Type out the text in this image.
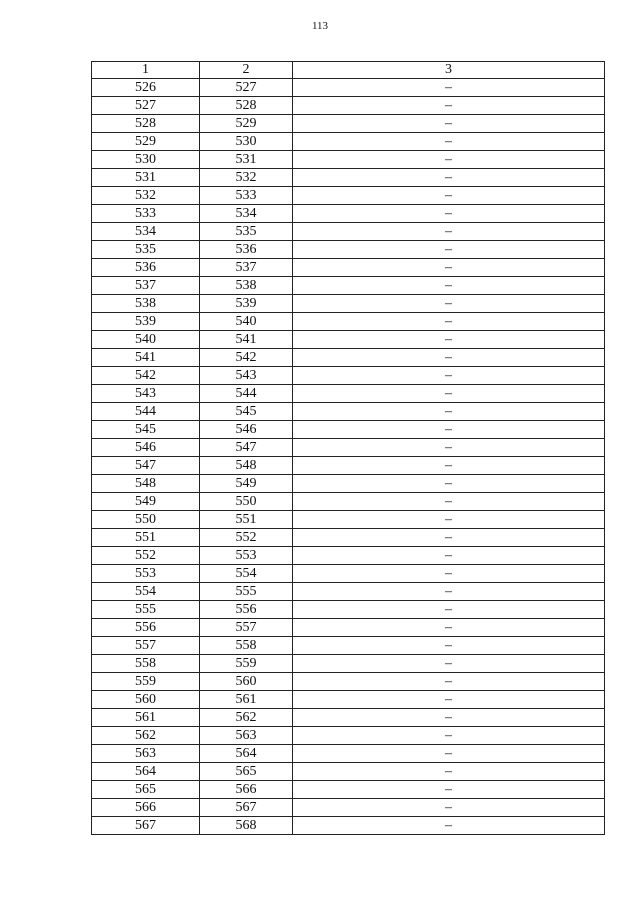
113
1	2	3
526	527	–
527	528	–
528	529	–
529	530	–
530	531	–
531	532	–
532	533	–
533	534	–
534	535	–
535	536	–
536	537	–
537	538	–
538	539	–
539	540	–
540	541	–
541	542	–
542	543	–
543	544	–
544	545	–
545	546	–
546	547	–
547	548	–
548	549	–
549	550	–
550	551	–
551	552	–
552	553	–
553	554	–
554	555	–
555	556	–
556	557	–
557	558	–
558	559	–
559	560	–
560	561	–
561	562	–
562	563	–
563	564	–
564	565	–
565	566	–
566	567	–
567	568	–
